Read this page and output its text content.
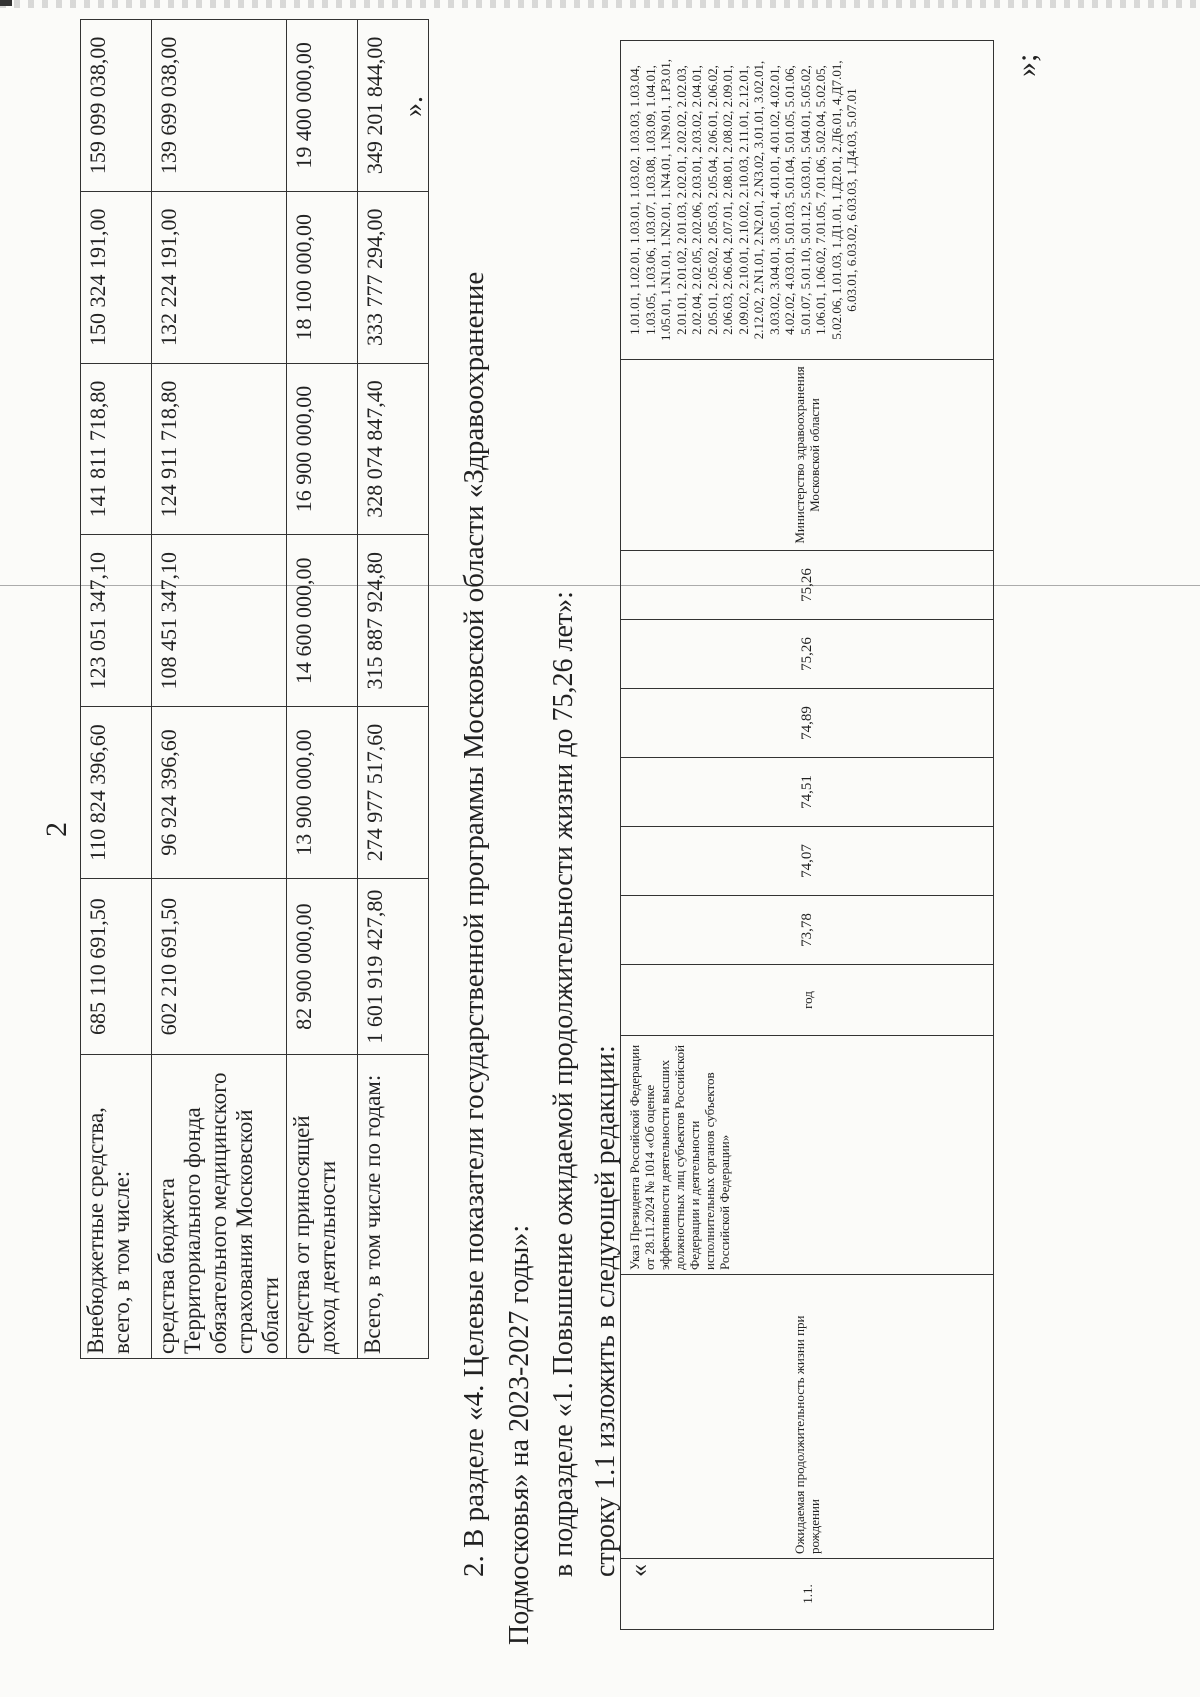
2
Внебюджетные средства, всего, в том числе:	685 110 691,50	110 824 396,60	123 051 347,10	141 811 718,80	150 324 191,00	159 099 038,00
средства бюджета Территориального фонда обязательного медицинского страхования Московской области	602 210 691,50	96 924 396,60	108 451 347,10	124 911 718,80	132 224 191,00	139 699 038,00
средства от приносящей доход деятельности	82 900 000,00	13 900 000,00	14 600 000,00	16 900 000,00	18 100 000,00	19 400 000,00
Всего, в том числе по годам:	1 601 919 427,80	274 977 517,60	315 887 924,80	328 074 847,40	333 777 294,00	349 201 844,00 ».
2. В разделе «4. Целевые показатели государственной программы Московской области «Здравоохранение Подмосковья» на 2023-2027 годы»: в подразделе «1. Повышение ожидаемой продолжительности жизни до 75,26 лет»: строку 1.1 изложить в следующей редакции: «
1.1.	Ожидаемая продолжительность жизни при рождении	Указ Президента Российской Федерации от 28.11.2024 № 1014 «Об оценке эффективности деятельности высших должностных лиц субъектов Российской Федерации и деятельности исполнительных органов субъектов Российской Федерации»	год	73,78	74,07	74,51	74,89	75,26	75,26	Министерство здравоохранения Московской области	1.01.01, 1.02.01, 1.03.01, 1.03.02, 1.03.03, 1.03.04, 1.03.05, 1.03.06, 1.03.07, 1.03.08, 1.03.09, 1.04.01, 1.05.01, 1.N1.01, 1.N2.01, 1.N4.01, 1.N9.01, 1.P3.01, 2.01.01, 2.01.02, 2.01.03, 2.02.01, 2.02.02, 2.02.03, 2.02.04, 2.02.05, 2.02.06, 2.03.01, 2.03.02, 2.04.01, 2.05.01, 2.05.02, 2.05.03, 2.05.04, 2.06.01, 2.06.02, 2.06.03, 2.06.04, 2.07.01, 2.08.01, 2.08.02, 2.09.01, 2.09.02, 2.10.01, 2.10.02, 2.10.03, 2.11.01, 2.12.01, 2.12.02, 2.N1.01, 2.N2.01, 2.N3.02, 3.01.01, 3.02.01, 3.03.02, 3.04.01, 3.05.01, 4.01.01, 4.01.02, 4.02.01, 4.02.02, 4.03.01, 5.01.03, 5.01.04, 5.01.05, 5.01.06, 5.01.07, 5.01.10, 5.01.12, 5.03.01, 5.04.01, 5.05.02, 1.06.01, 1.06.02, 7.01.05, 7.01.06, 5.02.04, 5.02.05, 5.02.06, 1.01.03, 1.Д1.01, 1.Д2.01, 2.Д6.01, 4.Д7.01, 6.03.01, 6.03.02, 6.03.03, 1.Д4.03, 5.07.01
»;
